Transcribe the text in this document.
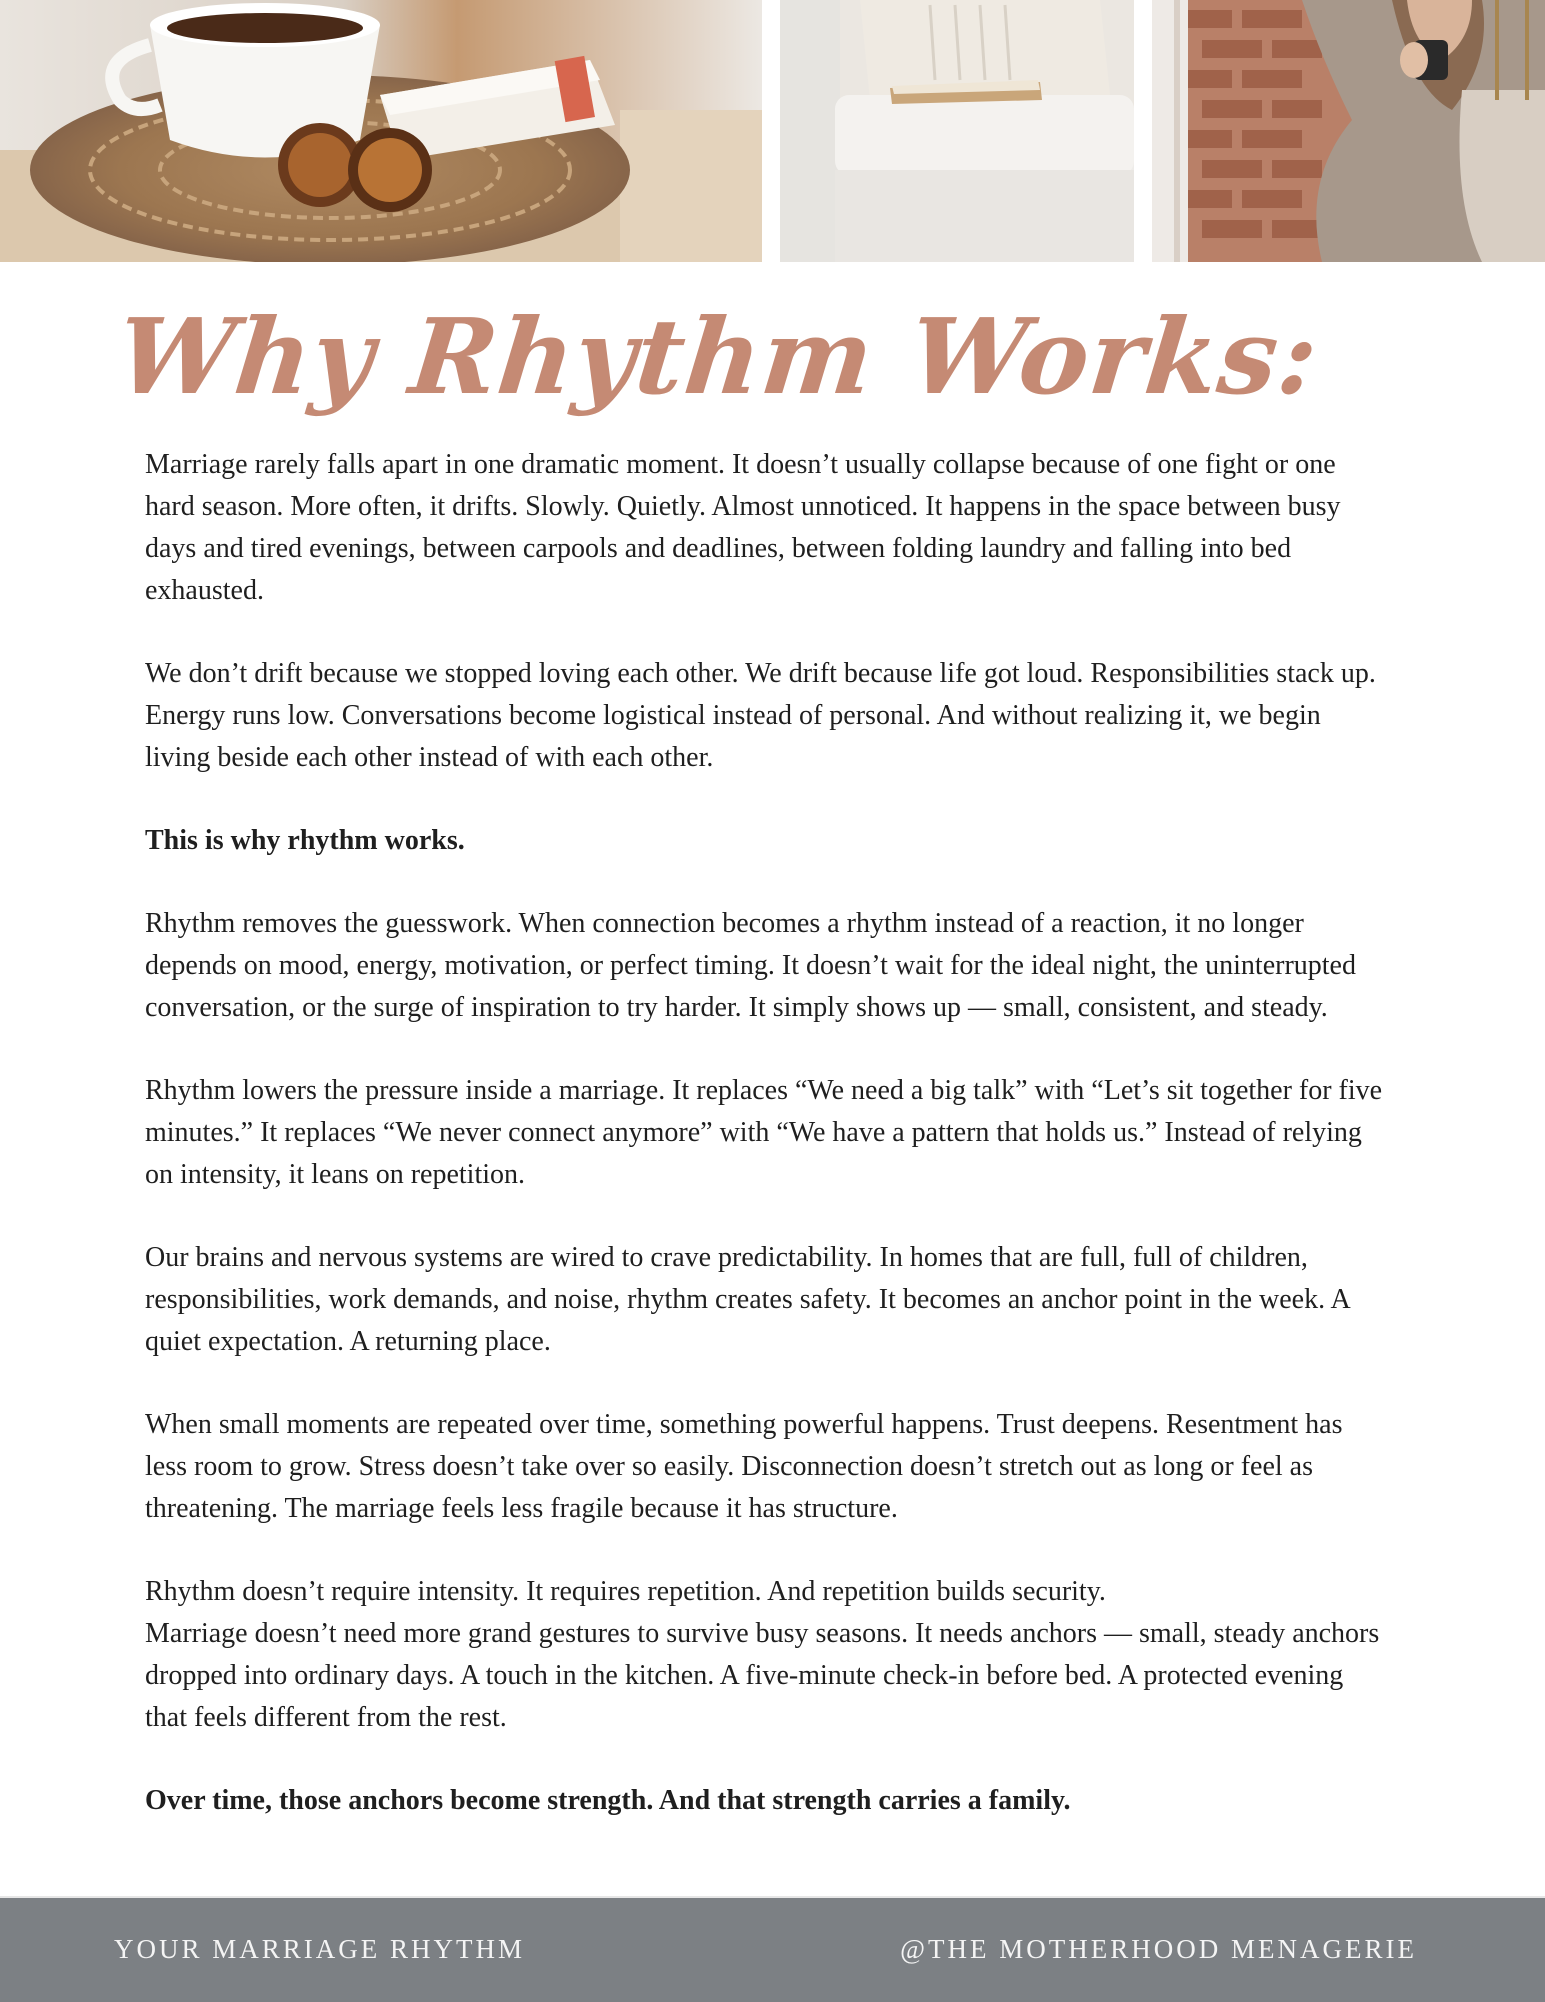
Why Rhythm Works:

Marriage rarely falls apart in one dramatic moment. It doesn’t usually collapse because of one fight or one hard season. More often, it drifts. Slowly. Quietly. Almost unnoticed. It happens in the space between busy days and tired evenings, between carpools and deadlines, between folding laundry and falling into bed exhausted.

We don’t drift because we stopped loving each other. We drift because life got loud. Responsibilities stack up. Energy runs low. Conversations become logistical instead of personal. And without realizing it, we begin living beside each other instead of with each other.

This is why rhythm works.

Rhythm removes the guesswork. When connection becomes a rhythm instead of a reaction, it no longer depends on mood, energy, motivation, or perfect timing. It doesn’t wait for the ideal night, the uninterrupted conversation, or the surge of inspiration to try harder. It simply shows up — small, consistent, and steady.

Rhythm lowers the pressure inside a marriage. It replaces “We need a big talk” with “Let’s sit together for five minutes.” It replaces “We never connect anymore” with “We have a pattern that holds us.” Instead of relying on intensity, it leans on repetition.

Our brains and nervous systems are wired to crave predictability. In homes that are full, full of children, responsibilities, work demands, and noise, rhythm creates safety. It becomes an anchor point in the week. A quiet expectation. A returning place.

When small moments are repeated over time, something powerful happens. Trust deepens. Resentment has less room to grow. Stress doesn’t take over so easily. Disconnection doesn’t stretch out as long or feel as threatening. The marriage feels less fragile because it has structure.

Rhythm doesn’t require intensity. It requires repetition. And repetition builds security.

Marriage doesn’t need more grand gestures to survive busy seasons. It needs anchors — small, steady anchors dropped into ordinary days. A touch in the kitchen. A five-minute check-in before bed. A protected evening that feels different from the rest.

Over time, those anchors become strength. And that strength carries a family.

YOUR MARRIAGE RHYTHM	@THE MOTHERHOOD MENAGERIE
